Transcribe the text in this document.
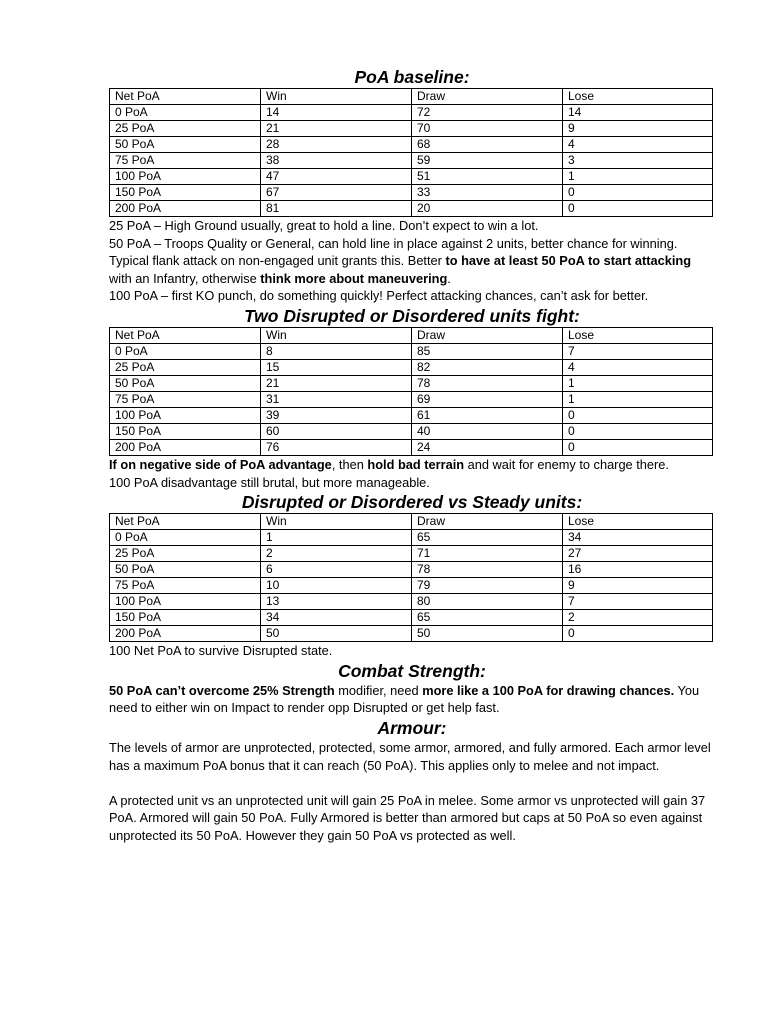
PoA baseline:
Net PoA	Win	Draw	Lose
0 PoA	14	72	14
25 PoA	21	70	9
50 PoA	28	68	4
75 PoA	38	59	3
100 PoA	47	51	1
150 PoA	67	33	0
200 PoA	81	20	0

25 PoA – High Ground usually, great to hold a line. Don’t expect to win a lot.

50 PoA – Troops Quality or General, can hold line in place against 2 units, better chance for winning. Typical flank attack on non-engaged unit grants this. Better to have at least 50 PoA to start attacking with an Infantry, otherwise think more about maneuvering.

100 PoA – first KO punch, do something quickly! Perfect attacking chances, can’t ask for better.

Two Disrupted or Disordered units fight:
Net PoA	Win	Draw	Lose
0 PoA	8	85	7
25 PoA	15	82	4
50 PoA	21	78	1
75 PoA	31	69	1
100 PoA	39	61	0
150 PoA	60	40	0
200 PoA	76	24	0

If on negative side of PoA advantage, then hold bad terrain and wait for enemy to charge there.

100 PoA disadvantage still brutal, but more manageable.

Disrupted or Disordered vs Steady units:
Net PoA	Win	Draw	Lose
0 PoA	1	65	34
25 PoA	2	71	27
50 PoA	6	78	16
75 PoA	10	79	9
100 PoA	13	80	7
150 PoA	34	65	2
200 PoA	50	50	0

100 Net PoA to survive Disrupted state.

Combat Strength:

50 PoA can’t overcome 25% Strength modifier, need more like a 100 PoA for drawing chances. You need to either win on Impact to render opp Disrupted or get help fast.

Armour:

The levels of armor are unprotected, protected, some armor, armored, and fully armored. Each armor level has a maximum PoA bonus that it can reach (50 PoA). This applies only to melee and not impact.

A protected unit vs an unprotected unit will gain 25 PoA in melee. Some armor vs unprotected will gain 37 PoA. Armored will gain 50 PoA. Fully Armored is better than armored but caps at 50 PoA so even against unprotected its 50 PoA. However they gain 50 PoA vs protected as well.
